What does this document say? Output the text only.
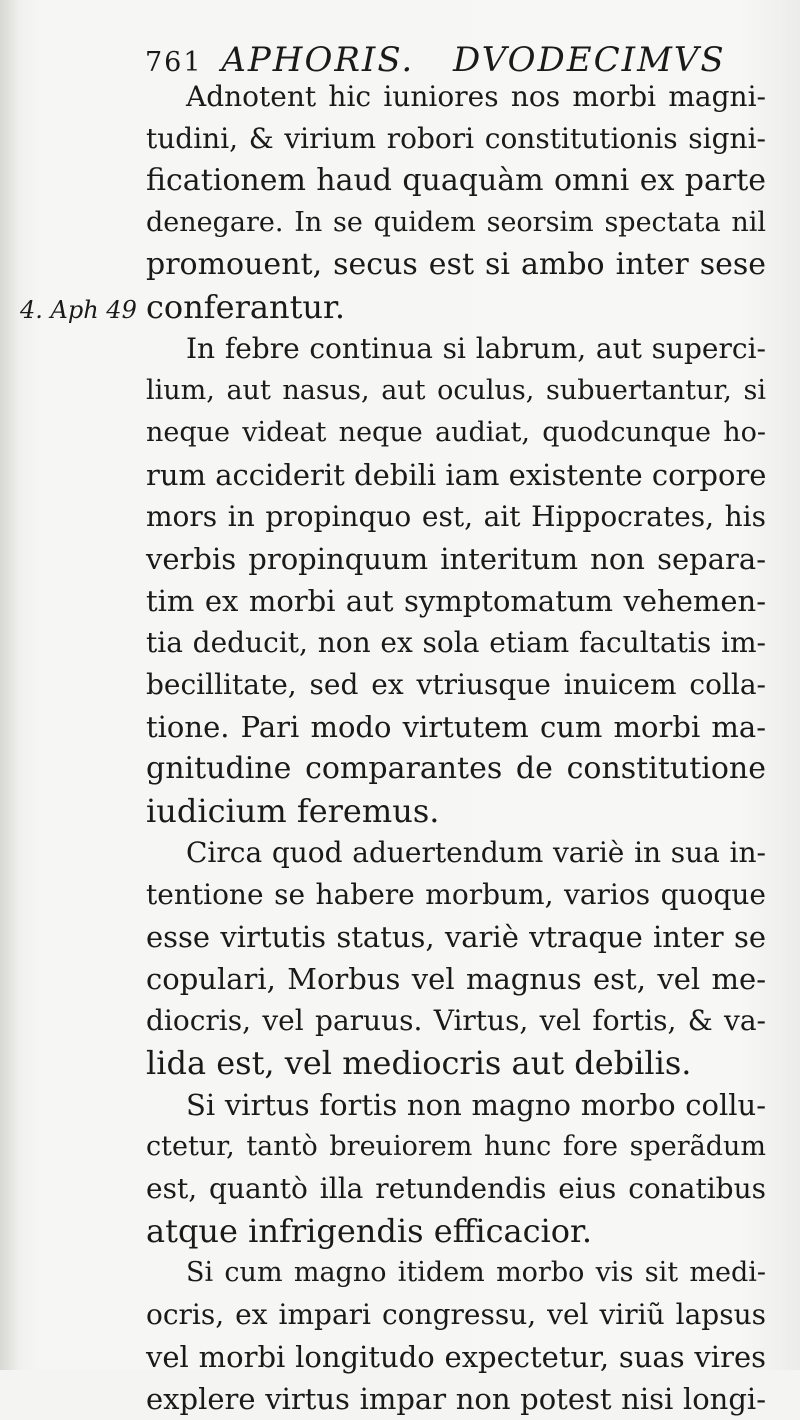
761 APHORIS. DVODECIMVS
4. Aph 49
Adnotent hic iuniores nos morbi magni-
tudini, & virium robori constitutionis signi-
ficationem haud quaquàm omni ex parte
denegare. In se quidem seorsim spectata nil
promouent, secus est si ambo inter sese
conferantur.
In febre continua si labrum, aut superci-
lium, aut nasus, aut oculus, subuertantur, si
neque videat neque audiat, quodcunque ho-
rum acciderit debili iam existente corpore
mors in propinquo est, ait Hippocrates, his
verbis propinquum interitum non separa-
tim ex morbi aut symptomatum vehemen-
tia deducit, non ex sola etiam facultatis im-
becillitate, sed ex vtriusque inuicem colla-
tione. Pari modo virtutem cum morbi ma-
gnitudine comparantes de constitutione
iudicium feremus.
Circa quod aduertendum variè in sua in-
tentione se habere morbum, varios quoque
esse virtutis status, variè vtraque inter se
copulari, Morbus vel magnus est, vel me-
diocris, vel paruus. Virtus, vel fortis, & va-
lida est, vel mediocris aut debilis.
Si virtus fortis non magno morbo collu-
ctetur, tantò breuiorem hunc fore sperãdum
est, quantò illa retundendis eius conatibus
atque infrigendis efficacior.
Si cum magno itidem morbo vis sit medi-
ocris, ex impari congressu, vel viriũ lapsus
vel morbi longitudo expectetur, suas vires
explere virtus impar non potest nisi longi-
